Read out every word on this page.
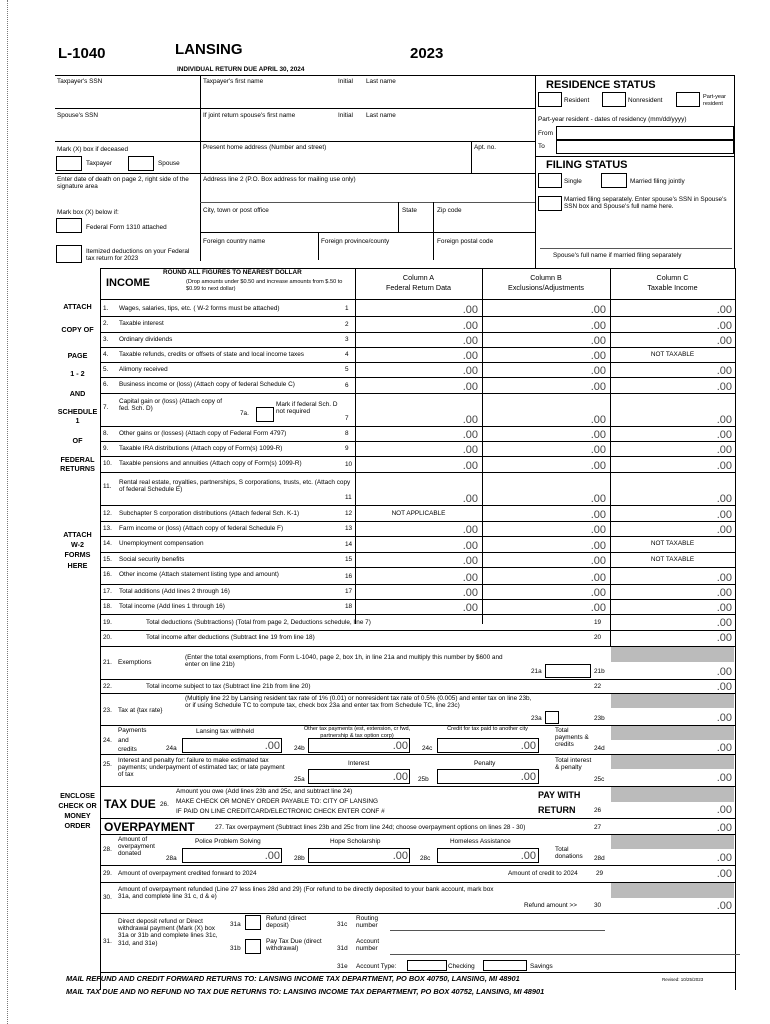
L-1040	LANSING	2023
INDIVIDUAL RETURN DUE APRIL 30, 2024
Taxpayer's SSN	Taxpayer's first name	Initial Last name
Spouse's SSN	If joint return spouse's first name	Initial Last name
Mark (X) box if deceased	Present home address (Number and street)	Apt. no.
Taxpayer	Spouse
Enter date of death on page 2, right side of the signature area
Address line 2 (P.O. Box address for mailing use only)
Mark box (X) below if:	City, town or post office	State	Zip code
Federal Form 1310 attached
Foreign country name	Foreign province/county	Foreign postal code
Itemized deductions on your Federal tax return for 2023
RESIDENCE STATUS
Resident	Nonresident	Part-year resident
Part-year resident - dates of residency (mm/dd/yyyy)
From
To
FILING STATUS
Single	Married filing jointly
Married filing separately. Enter spouse's SSN in Spouse's SSN box and Spouse's full name here.
Spouse's full name if married filing separately
INCOME
ROUND ALL FIGURES TO NEAREST DOLLAR
(Drop amounts under $0.50 and increase amounts from $.50 to $0.99 to next dollar)
Column A
Federal Return Data
Column B
Exclusions/Adjustments
Column C
Taxable Income
ATTACH
COPY OF
PAGE
1 - 2
AND
SCHEDULE
1
OF
FEDERAL
RETURNS
ATTACH
W-2
FORMS
HERE
ENCLOSE
CHECK OR
MONEY
ORDER
1. Wages, salaries, tips, etc. ( W-2 forms must be attached)	1	.00	.00	.00
2. Taxable interest	2	.00	.00	.00
3. Ordinary dividends	3	.00	.00	.00
4. Taxable refunds, credits or offsets of state and local income taxes	4	.00	.00	NOT TAXABLE
5. Alimony received	5	.00	.00	.00
6. Business income or (loss) (Attach copy of federal Schedule C)	6	.00	.00	.00
7.
Capital gain or (loss) (Attach copy of fed. Sch. D)
7
7a.
Mark if federal Sch. D not required
.00	.00	.00
8. Other gains or (losses) (Attach copy of Federal Form 4797)	8	.00	.00	.00
9. Taxable IRA distributions (Attach copy of Form(s) 1099-R)	9	.00	.00	.00
10. Taxable pensions and annuities (Attach copy of Form(s) 1099-R)	10	.00	.00	.00
11.
Rental real estate, royalties, partnerships, S corporations, trusts, etc. (Attach copy of federal Schedule E)
11	.00	.00	.00
12. Subchapter S corporation distributions (Attach federal Sch. K-1)	12	NOT APPLICABLE	.00	.00
13. Farm income or (loss) (Attach copy of federal Schedule F)	13	.00	.00	.00
14. Unemployment compensation	14	.00	.00	NOT TAXABLE
15. Social security benefits	15	.00	.00	NOT TAXABLE
16. Other income (Attach statement listing type and amount)	16	.00	.00	.00
17. Total additions (Add lines 2 through 16)	17	.00	.00	.00
18. Total income (Add lines 1 through 16)	18	.00	.00	.00
19.	Total deductions (Subtractions) (Total from page 2, Deductions schedule, line 7)	19	.00
20.	Total income after deductions (Subtract line 19 from line 18)	20	.00
21. Exemptions
(Enter the total exemptions, from Form L-1040, page 2, box 1h, in line 21a and multiply this number by $600 and enter on line 21b)
21a	21b	.00
22.	Total income subject to tax (Subtract line 21b from line 20)	22	.00
23. Tax at {tax rate}
(Multiply line 22 by Lansing resident tax rate of 1% (0.01) or nonresident tax rate of 0.5% (0.005) and enter tax on line 23b, or if using Schedule TC to compute tax, check box 23a and enter tax from Schedule TC, line 23c)
23a	23b	.00
24.
Payments
and
credits	24a
Lansing tax withheld
.00 24b
Other tax payments (est, extension, cr fwd, partnership & tax option corp)
.00 24c
Credit for tax paid to another city
.00
Total payments & credits
24d	.00
25.
Interest and penalty for: failure to make estimated tax payments; underpayment of estimated tax; or late payment of tax
25a
Interest
.00 25b
Penalty
.00
Total interest & penalty
25c	.00
TAX DUE 26.
Amount you owe (Add lines 23b and 25c, and subtract line 24)
MAKE CHECK OR MONEY ORDER PAYABLE TO: CITY OF LANSING
IF PAID ON LINE CREDITCARD/ELECTRONIC CHECK ENTER CONF #
PAY WITH
RETURN	26	.00
OVERPAYMENT	27. Tax overpayment (Subtract lines 23b and 25c from line 24d; choose overpayment options on lines 28 - 30)	27	.00
28.
Amount of overpayment donated
28a
Police Problem Solving
.00 28b
Hope Scholarship
.00 28c
Homeless Assistance
.00
Total donations	28d	.00
29. Amount of overpayment credited forward to 2024	Amount of credit to 2024	29	.00
30.
Amount of overpayment refunded (Line 27 less lines 28d and 29) (For refund to be directly deposited to your bank account, mark box 31a, and complete line 31 c, d & e)
Refund amount >>	30	.00
31.
Direct deposit refund or Direct withdrawal payment (Mark (X) box 31a or 31b and complete lines 31c, 31d, and 31e)
31a
Refund (direct deposit)
31b
Pay Tax Due (direct withdrawal)
31c
Routing number
31d
Account number
31e Account Type:	Checking	Savings
MAIL REFUND AND CREDIT FORWARD RETURNS TO: LANSING INCOME TAX DEPARTMENT, PO BOX 40750, LANSING, MI 48901
MAIL TAX DUE AND NO REFUND NO TAX DUE RETURNS TO: LANSING INCOME TAX DEPARTMENT, PO BOX 40752, LANSING, MI 48901
Revised: 10/25/2023
